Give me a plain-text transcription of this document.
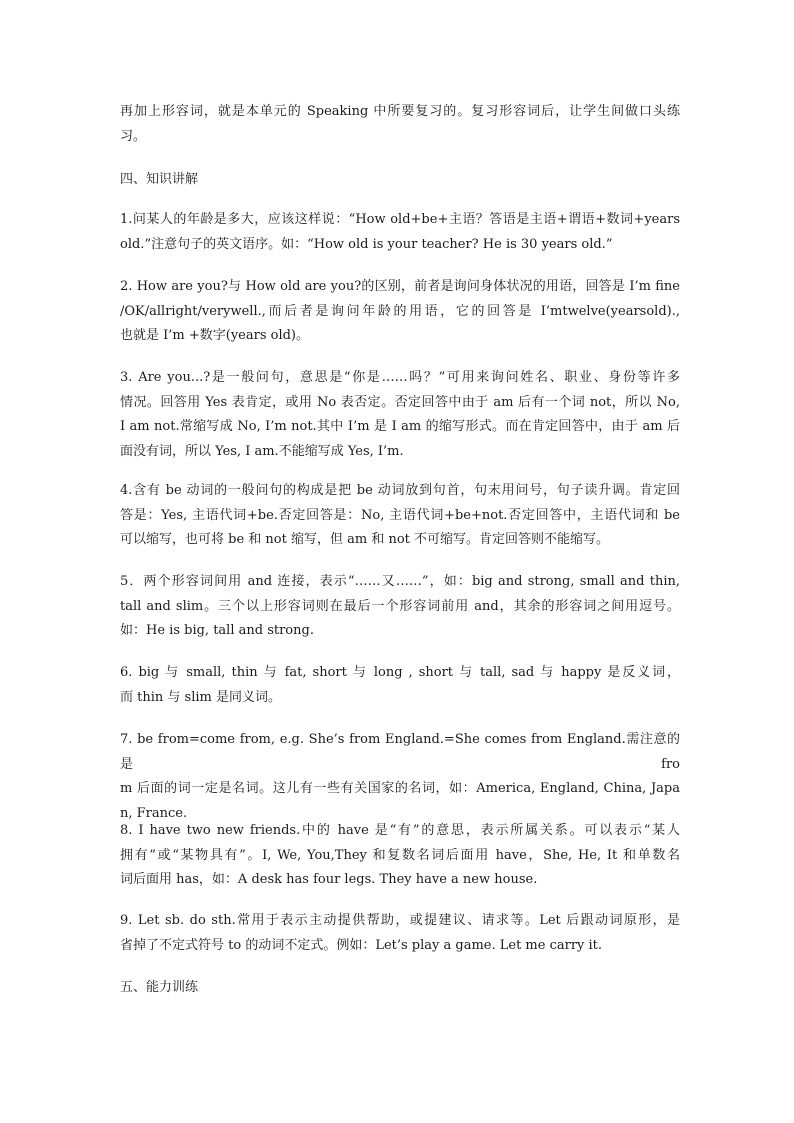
再加上形容词，就是本单元的 Speaking 中所要复习的。复习形容词后，让学生间做口头练
习。
四、知识讲解
1.问某人的年龄是多大，应该这样说：“How old+be+主语？答语是主语+谓语+数词+years
old.”注意句子的英文语序。如：“How old is your teacher? He is 30 years old.”
2. How are you?与 How old are you?的区别，前者是询问身体状况的用语，回答是 I’m fine
/OK/allright/verywell.,而后者是询问年龄的用语，它的回答是 I’mtwelve(yearsold).,
也就是 I’m +数字(years old)。
3. Are you...?是一般问句，意思是“你是……吗？”可用来询问姓名、职业、身份等许多
情况。回答用 Yes 表肯定，或用 No 表否定。否定回答中由于 am 后有一个词 not，所以 No,
I am not.常缩写成 No, I’m not.其中 I’m 是 I am 的缩写形式。而在肯定回答中，由于 am 后
面没有词，所以 Yes, I am.不能缩写成 Yes, I’m.
4.含有 be 动词的一般问句的构成是把 be 动词放到句首，句末用问号，句子读升调。肯定回
答是：Yes, 主语代词+be.否定回答是：No, 主语代词+be+not.否定回答中，主语代词和 be
可以缩写，也可将 be 和 not 缩写，但 am 和 not 不可缩写。肯定回答则不能缩写。
5．两个形容词间用 and 连接，表示“……又……”，如：big and strong, small and thin,
tall and slim。三个以上形容词则在最后一个形容词前用 and，其余的形容词之间用逗号。
如：He is big, tall and strong.
6. big 与 small, thin 与 fat, short 与 long , short 与 tall, sad 与 happy 是反义词，
而 thin 与 slim 是同义词。
7. be from=come from, e.g. She’s from England.=She comes from England.需注意的是 fro
m 后面的词一定是名词。这儿有一些有关国家的名词，如：America, England, China, Japa
n, France.
8. I have two new friends.中的 have 是“有”的意思，表示所属关系。可以表示“某人
拥有”或“某物具有”。I, We, You,They 和复数名词后面用 have，She, He, It 和单数名
词后面用 has，如：A desk has four legs. They have a new house.
9. Let sb. do sth.常用于表示主动提供帮助，或提建议、请求等。Let 后跟动词原形，是
省掉了不定式符号 to 的动词不定式。例如：Let’s play a game. Let me carry it.
五、能力训练
